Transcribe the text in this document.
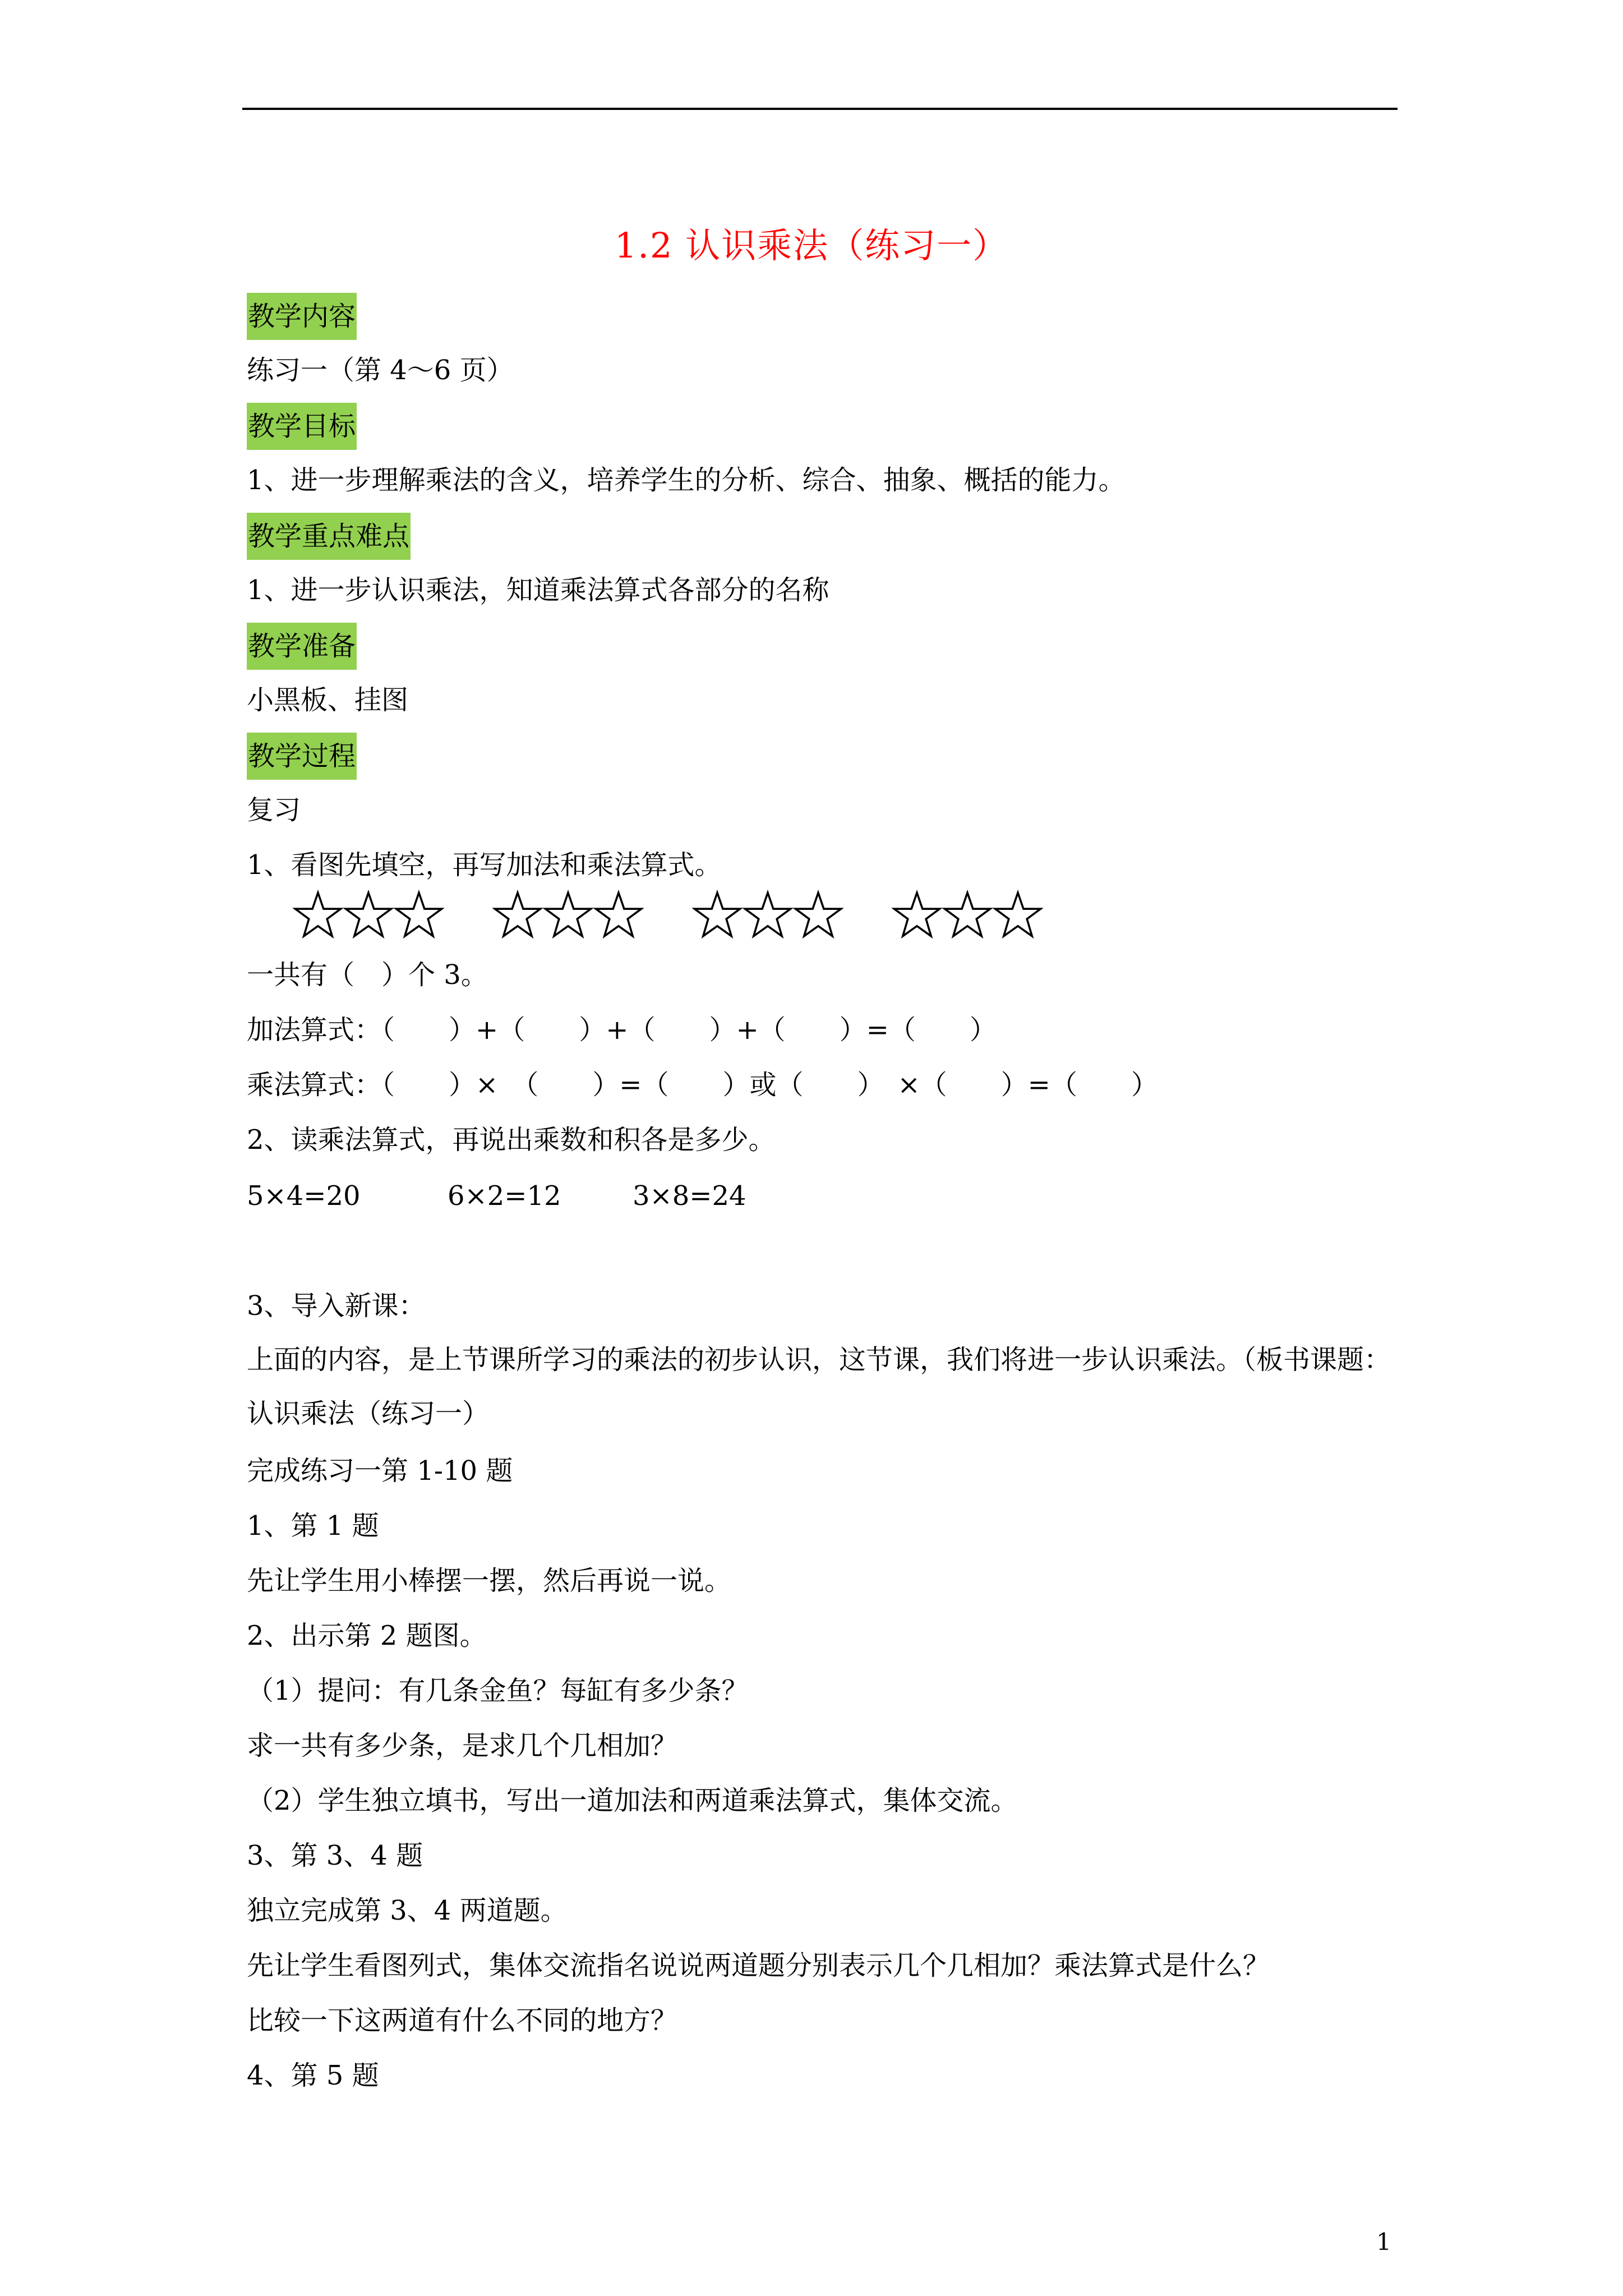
1.2 认识乘法（练习一）
教学内容
练习一（第 4～6 页）
教学目标
1、进一步理解乘法的含义，培养学生的分析、综合、抽象、概括的能力。
教学重点难点
1、进一步认识乘法，知道乘法算式各部分的名称
教学准备
小黑板、挂图
教学过程
复习
1、看图先填空，再写加法和乘法算式。
一共有（　）个 3。
加法算式：（　　）+（　　）+（　　）+（　　）=（　　）
乘法算式：（　　）×　（　　）=（　　）或（　　）　×（　　）=（　　）
2、读乘法算式，再说出乘数和积各是多少。
5×4=20	6×2=12	3×8=24
3、导入新课：
上面的内容，是上节课所学习的乘法的初步认识，这节课，我们将进一步认识乘法。（板书课题：认识乘法（练习一）
完成练习一第 1-10 题
1、第 1 题
先让学生用小棒摆一摆，然后再说一说。
2、出示第 2 题图。
（1）提问：有几条金鱼？每缸有多少条？
求一共有多少条，是求几个几相加？
（2）学生独立填书，写出一道加法和两道乘法算式，集体交流。
3、第 3、4 题
独立完成第 3、4 两道题。
先让学生看图列式，集体交流指名说说两道题分别表示几个几相加？乘法算式是什么？
比较一下这两道有什么不同的地方？
4、第 5 题
1
